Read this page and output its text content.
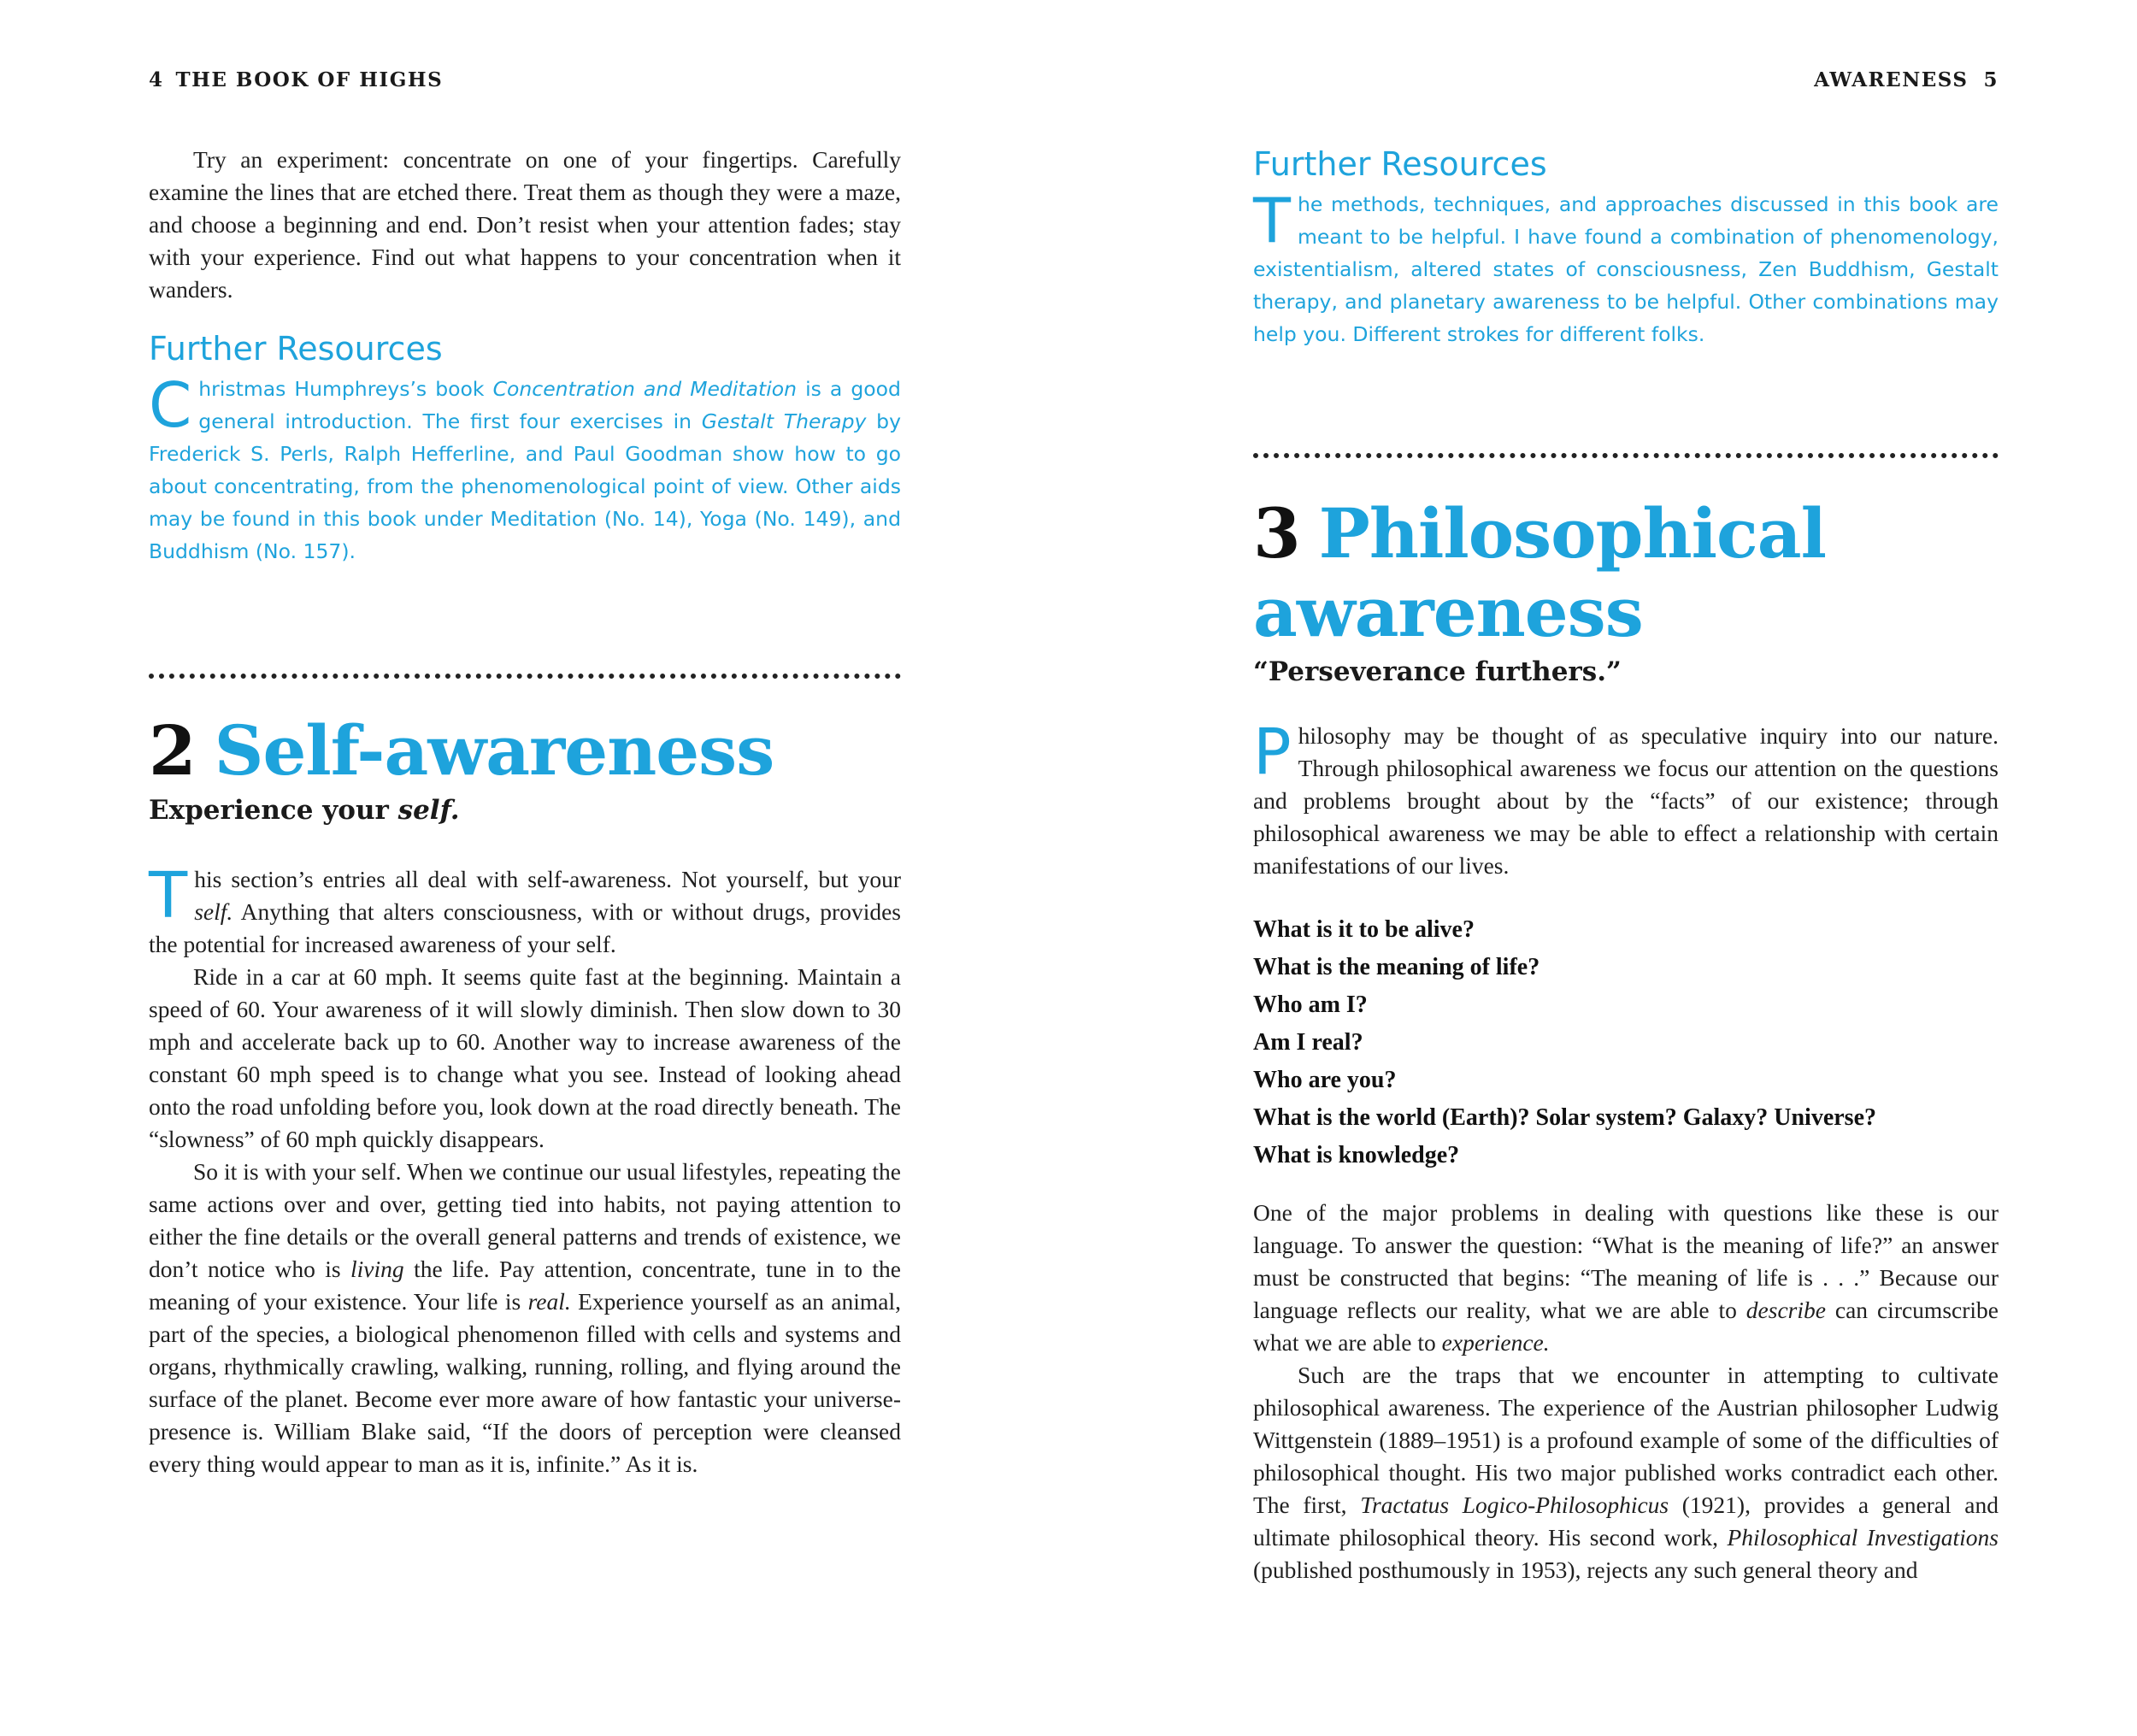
4 THE BOOK OF HIGHS

Try an experiment: concentrate on one of your fingertips. Carefully examine the lines that are etched there. Treat them as though they were a maze, and choose a beginning and end. Don’t resist when your attention fades; stay with your experience. Find out what happens to your concentration when it wanders.

Further Resources

Christmas Humphreys’s book Concentration and Meditation is a good general introduction. The first four exercises in Gestalt Therapy by Frederick S. Perls, Ralph Hefferline, and Paul Goodman show how to go about concentrating, from the phenomenological point of view. Other aids may be found in this book under Meditation (No. 14), Yoga (No. 149), and Buddhism (No. 157).

2 Self-awareness

Experience your self.

This section’s entries all deal with self-awareness. Not yourself, but your self. Anything that alters consciousness, with or without drugs, provides the potential for increased awareness of your self.

Ride in a car at 60 mph. It seems quite fast at the beginning. Maintain a speed of 60. Your awareness of it will slowly diminish. Then slow down to 30 mph and accelerate back up to 60. Another way to increase awareness of the constant 60 mph speed is to change what you see. Instead of looking ahead onto the road unfolding before you, look down at the road directly beneath. The “slowness” of 60 mph quickly disappears.

So it is with your self. When we continue our usual lifestyles, repeating the same actions over and over, getting tied into habits, not paying attention to either the fine details or the overall general patterns and trends of existence, we don’t notice who is living the life. Pay attention, concentrate, tune in to the meaning of your existence. Your life is real. Experience yourself as an animal, part of the species, a biological phenomenon filled with cells and systems and organs, rhythmically crawling, walking, running, rolling, and flying around the surface of the planet. Become ever more aware of how fantastic your universe-presence is. William Blake said, “If the doors of perception were cleansed every thing would appear to man as it is, infinite.” As it is.

AWARENESS 5
Further Resources

The methods, techniques, and approaches discussed in this book are meant to be helpful. I have found a combination of phenomenology, existentialism, altered states of consciousness, Zen Buddhism, Gestalt therapy, and planetary awareness to be helpful. Other combinations may help you. Different strokes for different folks.

3 Philosophical
awareness

“Perseverance furthers.”

Philosophy may be thought of as speculative inquiry into our nature. Through philosophical awareness we focus our attention on the questions and problems brought about by the “facts” of our existence; through philosophical awareness we may be able to effect a relationship with certain manifestations of our lives.

What is it to be alive?
What is the meaning of life?
Who am I?
Am I real?
Who are you?
What is the world (Earth)? Solar system? Galaxy? Universe?
What is knowledge?

One of the major problems in dealing with questions like these is our language. To answer the question: “What is the meaning of life?” an answer must be constructed that begins: “The meaning of life is . . .” Because our language reflects our reality, what we are able to describe can circumscribe what we are able to experience.

Such are the traps that we encounter in attempting to cultivate philosophical awareness. The experience of the Austrian philosopher Ludwig Wittgenstein (1889–1951) is a profound example of some of the difficulties of philosophical thought. His two major published works contradict each other. The first, Tractatus Logico-Philosophicus (1921), provides a general and ultimate philosophical theory. His second work, Philosophical Investigations (published posthumously in 1953), rejects any such general theory and
